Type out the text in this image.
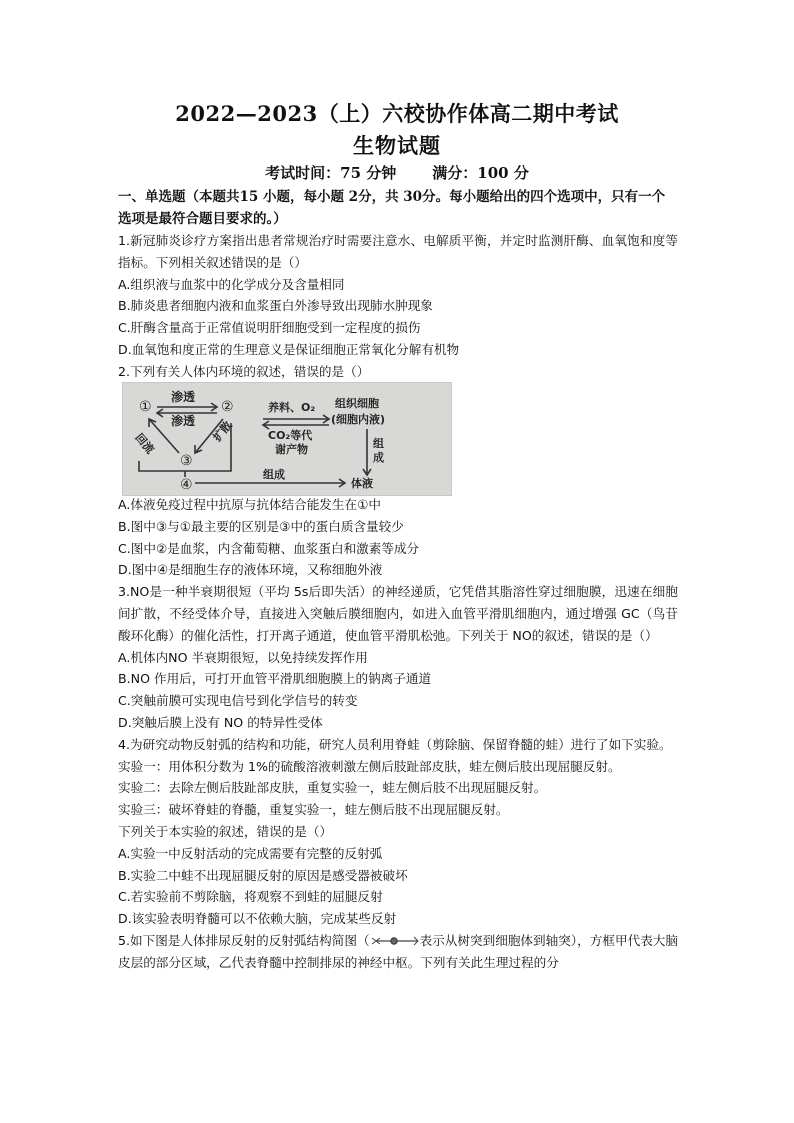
2022—2023（上）六校协作体高二期中考试
生物试题
考试时间：75 分钟 满分：100 分
一、单选题（本题共15 小题，每小题 2分，共 30分。每小题给出的四个选项中，只有一个选项是最符合题目要求的。）

1.新冠肺炎诊疗方案指出患者常规治疗时需要注意水、电解质平衡，并定时监测肝酶、血氧饱和度等指标。下列相关叙述错误的是（）

A.组织液与血浆中的化学成分及含量相同

B.肺炎患者细胞内液和血浆蛋白外渗导致出现肺水肿现象

C.肝酶含量高于正常值说明肝细胞受到一定程度的损伤

D.血氧饱和度正常的生理意义是保证细胞正常氧化分解有机物

2.下列有关人体内环境的叙述，错误的是（）

①	②
③
④
渗透
渗透
回流	扩散
养料、O₂
CO₂等代
谢产物
组织细胞
(细胞内液)
组
成
组成
体液

A.体液免疫过程中抗原与抗体结合能发生在①中

B.图中③与①最主要的区别是③中的蛋白质含量较少

C.图中②是血浆，内含葡萄糖、血浆蛋白和激素等成分

D.图中④是细胞生存的液体环境，又称细胞外液

3.NO是一种半衰期很短（平均 5s后即失活）的神经递质，它凭借其脂溶性穿过细胞膜，迅速在细胞间扩散，不经受体介导，直接进入突触后膜细胞内，如进入血管平滑肌细胞内，通过增强 GC（鸟苷酸环化酶）的催化活性，打开离子通道，使血管平滑肌松弛。下列关于 NO的叙述，错误的是（）

A.机体内NO 半衰期很短，以免持续发挥作用

B.NO 作用后，可打开血管平滑肌细胞膜上的钠离子通道

C.突触前膜可实现电信号到化学信号的转变

D.突触后膜上没有 NO 的特异性受体

4.为研究动物反射弧的结构和功能，研究人员利用脊蛙（剪除脑、保留脊髓的蛙）进行了如下实验。

实验一：用体积分数为 1%的硫酸溶液刺激左侧后肢趾部皮肤，蛙左侧后肢出现屈腿反射。

实验二：去除左侧后肢趾部皮肤，重复实验一，蛙左侧后肢不出现屈腿反射。

实验三：破坏脊蛙的脊髓，重复实验一，蛙左侧后肢不出现屈腿反射。

下列关于本实验的叙述，错误的是（）

A.实验一中反射活动的完成需要有完整的反射弧

B.实验二中蛙不出现屈腿反射的原因是感受器被破坏

C.若实验前不剪除脑，将观察不到蛙的屈腿反射

D.该实验表明脊髓可以不依赖大脑，完成某些反射

5.如下图是人体排尿反射的反射弧结构简图（	表示从树突到细胞体到轴突），方框甲代表大脑皮层的部分区域，乙代表脊髓中控制排尿的神经中枢。下列有关此生理过程的分
